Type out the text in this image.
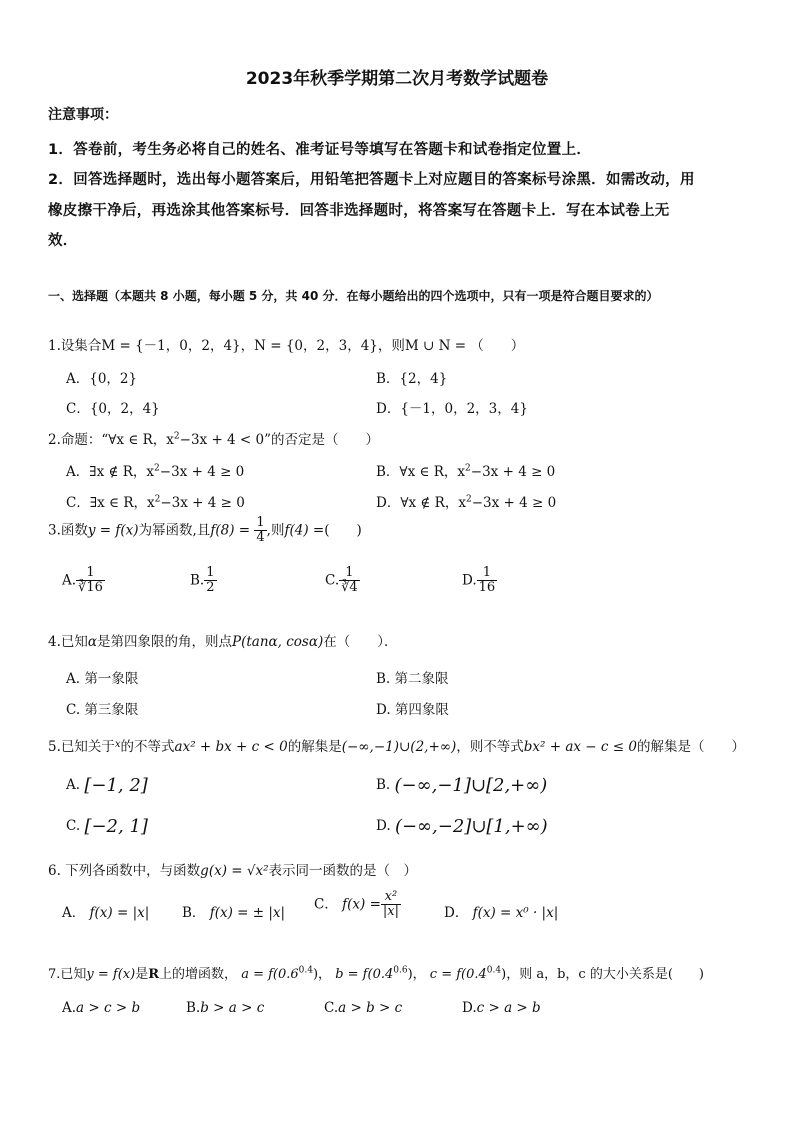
2023年秋季学期第二次月考数学试题卷
注意事项：
1．答卷前，考生务必将自己的姓名、准考证号等填写在答题卡和试卷指定位置上．
2．回答选择题时，选出每小题答案后，用铅笔把答题卡上对应题目的答案标号涂黑．如需改动，用
橡皮擦干净后，再选涂其他答案标号．回答非选择题时，将答案写在答题卡上．写在本试卷上无
效．
一、选择题（本题共 8 小题，每小题 5 分，共 40 分．在每小题给出的四个选项中，只有一项是符合题目要求的）
1.设集合M = {－1，0，2，4}，N = {0，2，3，4}，则M ∪ N = （　　）
A．{0，2}	B．{2，4}
C．{0，2，4}	D．{－1，0，2，3，4}
2.命题：“∀x ∈ R，$x^2-3x + 4 < 0$”的否定是（　　）
A．∃x ∉ R，$x^2-3x + 4 \ge 0$	B．∀x ∈ R，$x^2-3x + 4 \ge 0$
C．∃x ∈ R，$x^2-3x + 4 \ge 0$	D．∀x ∉ R，$x^2-3x + 4 \ge 0$
3.函数y = f(x)为幂函数,且$f(8) = \frac{1}{4}$ ,则f(4) =(　　)
A. $\frac{1}{∛16}$	B. $\frac{1}{2}$	C. $\frac{1}{∛4}$	D. $\frac{1}{16}$
4.已知α是第四象限的角，则点P(tanα, cosα)在（　　）．
A. 第一象限	B. 第二象限
C. 第三象限	D. 第四象限
5.已知关于$^x$的不等式ax² + bx + c < 0的解集是(−∞,−1)∪(2,+∞)，则不等式bx² + ax − c ≤ 0的解集是（　　）
A. [−1, 2]	B. (−∞,−1]∪[2,+∞)
C. [−2, 1]	D. (−∞,−2]∪[1,+∞)
6. 下列各函数中，与函数g(x) = √x²表示同一函数的是（　）
A． f(x) = |x| B． f(x) = ± |x|
C． $f(x) = \frac{\text{x²}}{|x|}$	D． f(x) = x⁰ · |x|
7.已知y = f(x)是R上的增函数， $a = f(0.6^{0.4})$， $b = f(0.4^{0.6})$， $c = f(0.4^{0.4})$，则 a，b，c 的大小关系是(　　)
A.a > c > b	B.b > a > c	C.a > b > c	D.c > a > b
